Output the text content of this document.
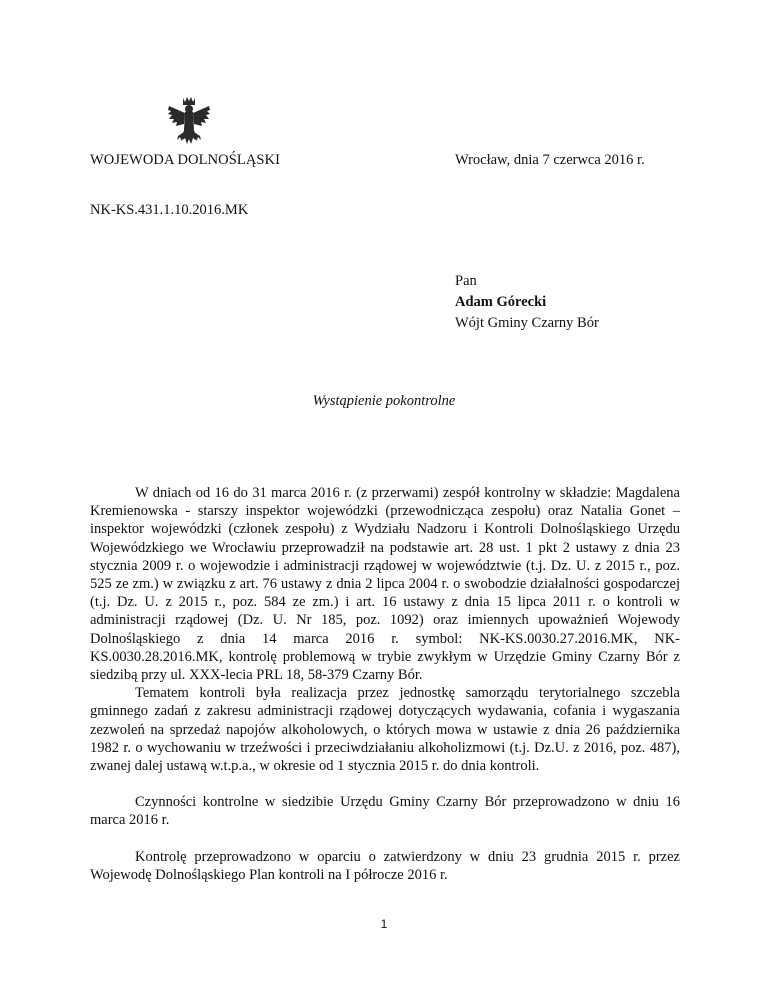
WOJEWODA DOLNOŚLĄSKI	Wrocław, dnia 7 czerwca 2016 r.
NK-KS.431.1.10.2016.MK
Pan
Adam Górecki
Wójt Gminy Czarny Bór
Wystąpienie pokontrolne

W dniach od 16 do 31 marca 2016 r. (z przerwami) zespół kontrolny w składzie: Magdalena Kremienowska - starszy inspektor wojewódzki (przewodnicząca zespołu) oraz Natalia Gonet – inspektor wojewódzki (członek zespołu) z Wydziału Nadzoru i Kontroli Dolnośląskiego Urzędu Wojewódzkiego we Wrocławiu przeprowadził na podstawie art. 28 ust. 1 pkt 2 ustawy z dnia 23 stycznia 2009 r. o wojewodzie i administracji rządowej w województwie (t.j. Dz. U. z 2015 r., poz. 525 ze zm.) w związku z art. 76 ustawy z dnia 2 lipca 2004 r. o swobodzie działalności gospodarczej (t.j. Dz. U. z 2015 r., poz. 584 ze zm.) i art. 16 ustawy z dnia 15 lipca 2011 r. o kontroli w administracji rządowej (Dz. U. Nr 185, poz. 1092) oraz imiennych upoważnień Wojewody Dolnośląskiego z dnia 14 marca 2016 r. symbol: NK-KS.0030.27.2016.MK, NK-KS.0030.28.2016.MK, kontrolę problemową w trybie zwykłym w Urzędzie Gminy Czarny Bór z siedzibą przy ul. XXX-lecia PRL 18, 58-379 Czarny Bór.

Tematem kontroli była realizacja przez jednostkę samorządu terytorialnego szczebla gminnego zadań z zakresu administracji rządowej dotyczących wydawania, cofania i wygaszania zezwoleń na sprzedaż napojów alkoholowych, o których mowa w ustawie z dnia 26 października 1982 r. o wychowaniu w trzeźwości i przeciwdziałaniu alkoholizmowi (t.j. Dz.U. z 2016, poz. 487), zwanej dalej ustawą w.t.p.a., w okresie od 1 stycznia 2015 r. do dnia kontroli.

Czynności kontrolne w siedzibie Urzędu Gminy Czarny Bór przeprowadzono w dniu 16 marca 2016 r.

Kontrolę przeprowadzono w oparciu o zatwierdzony w dniu 23 grudnia 2015 r. przez Wojewodę Dolnośląskiego Plan kontroli na I półrocze 2016 r.

1
